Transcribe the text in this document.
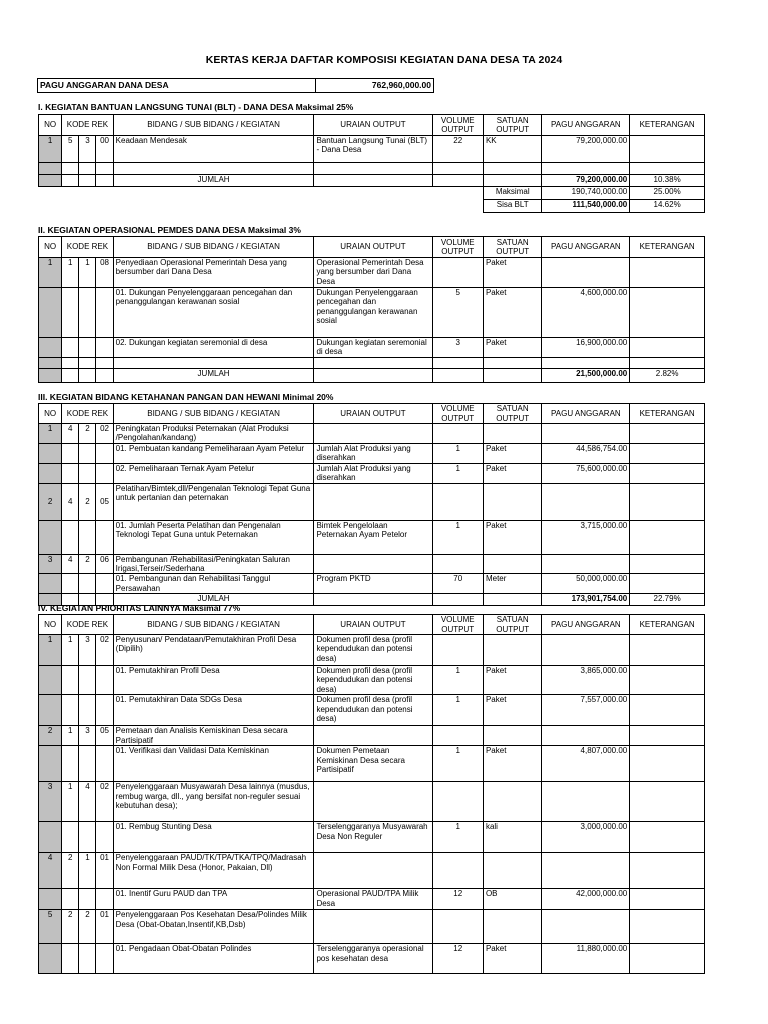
KERTAS KERJA DAFTAR KOMPOSISI KEGIATAN DANA DESA TA 2024
PAGU ANGGARAN DANA DESA	762,960,000.00
I. KEGIATAN BANTUAN LANGSUNG TUNAI (BLT) - DANA DESA Maksimal 25%
NO	KODE REK			BIDANG / SUB BIDANG / KEGIATAN	URAIAN OUTPUT	VOLUME OUTPUT	SATUAN OUTPUT	PAGU ANGGARAN	KETERANGAN
1	5	3	00	Keadaan Mendesak	Bantuan Langsung Tunai (BLT) - Dana Desa	22	KK	79,200,000.00	

				JUMLAH				79,200,000.00	10.38%
							Maksimal	190,740,000.00	25.00%
							Sisa BLT	111,540,000.00	14.62%
II. KEGIATAN OPERASIONAL PEMDES DANA DESA Maksimal 3%
NO	KODE REK			BIDANG / SUB BIDANG / KEGIATAN	URAIAN OUTPUT	VOLUME OUTPUT	SATUAN OUTPUT	PAGU ANGGARAN	KETERANGAN
1	1	1	08	Penyediaan Operasional Pemerintah Desa yang bersumber dari Dana Desa	Operasional Pemerintah Desa yang bersumber dari Dana Desa		Paket		
				01. Dukungan Penyelenggaraan pencegahan dan penanggulangan kerawanan sosial	Dukungan Penyelenggaraan pencegahan dan penanggulangan kerawanan sosial	5	Paket	4,600,000.00	
				02. Dukungan kegiatan seremonial di desa	Dukungan kegiatan seremonial di desa	3	Paket	16,900,000.00	

				JUMLAH				21,500,000.00	2.82%
III. KEGIATAN BIDANG KETAHANAN PANGAN DAN HEWANI Minimal 20%
NO	KODE REK			BIDANG / SUB BIDANG / KEGIATAN	URAIAN OUTPUT	VOLUME OUTPUT	SATUAN OUTPUT	PAGU ANGGARAN	KETERANGAN
1	4	2	02	Peningkatan Produksi Peternakan (Alat Produksi /Pengolahan/kandang)					
				01. Pembuatan kandang Pemeliharaan Ayam Petelur	Jumlah Alat Produksi yang diserahkan	1	Paket	44,586,754.00	
				02. Pemeliharaan Ternak Ayam Petelur	Jumlah Alat Produksi yang diserahkan	1	Paket	75,600,000.00	
2	4	2	05	Pelatihan/Bimtek,dll/Pengenalan Teknologi Tepat Guna untuk pertanian dan peternakan					
				01. Jumlah Peserta Pelatihan dan Pengenalan Teknologi Tepat Guna untuk Peternakan	Bimtek Pengelolaan Peternakan Ayam Petelor	1	Paket	3,715,000.00	
3	4	2	06	Pembangunan /Rehabilitasi/Peningkatan Saluran Irigasi,Terseir/Sederhana					
				01. Pembangunan dan Rehabilitasi Tanggul Persawahan	Program PKTD	70	Meter	50,000,000.00	
				JUMLAH				173,901,754.00	22.79%
IV. KEGIATAN PRIORITAS LAINNYA Maksimal 77%
NO	KODE REK			BIDANG / SUB BIDANG / KEGIATAN	URAIAN OUTPUT	VOLUME OUTPUT	SATUAN OUTPUT	PAGU ANGGARAN	KETERANGAN
1	1	3	02	Penyusunan/ Pendataan/Pemutakhiran Profil Desa (Dipilih)	Dokumen profil desa (profil kependudukan dan potensi desa)				
				01. Pemutakhiran Profil Desa	Dokumen profil desa (profil kependudukan dan potensi desa)	1	Paket	3,865,000.00	
				01. Pemutakhiran Data SDGs Desa	Dokumen profil desa (profil kependudukan dan potensi desa)	1	Paket	7,557,000.00	
2	1	3	05	Pemetaan dan Analisis Kemiskinan Desa secara Partisipatif					
				01. Verifikasi dan Validasi Data Kemiskinan	Dokumen Pemetaan Kemiskinan Desa secara Partisipatif	1	Paket	4,807,000.00	
3	1	4	02	Penyelenggaraan Musyawarah Desa lainnya (musdus, rembug warga, dll., yang bersifat non-reguler sesuai kebutuhan desa);					
				01. Rembug Stunting Desa	Terselenggaranya Musyawarah Desa Non Reguler	1	kali	3,000,000.00	
4	2	1	01	Penyelenggaraan PAUD/TK/TPA/TKA/TPQ/Madrasah Non Formal Milik Desa (Honor, Pakaian, Dll)					
				01. Inentif Guru PAUD dan TPA	Operasional PAUD/TPA Milik Desa	12	OB	42,000,000.00	
5	2	2	01	Penyelenggaraan Pos Kesehatan Desa/Polindes Milik Desa (Obat-Obatan,Insentif,KB,Dsb)					
				01. Pengadaan Obat-Obatan Polindes	Terselenggaranya operasional pos kesehatan desa	12	Paket	11,880,000.00	
